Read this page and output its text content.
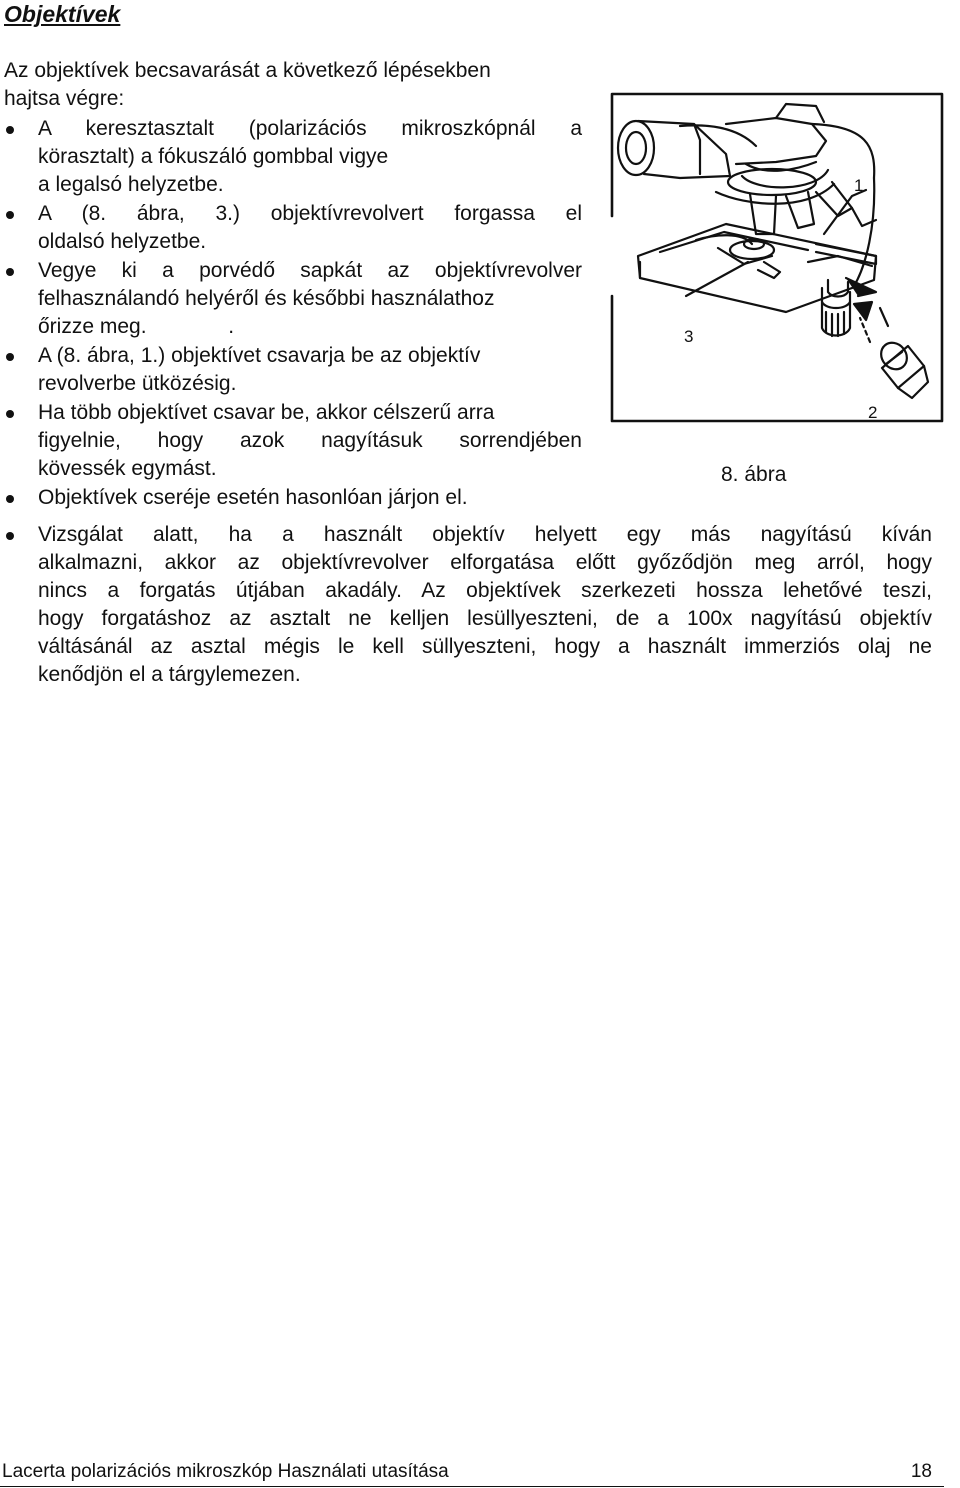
Objektívek
Az objektívek becsavarását a következő lépésekben
hajtsa végre:
A keresztasztalt (polarizációs mikroszkópnál a
körasztalt) a fókuszáló gombbal vigye
a legalsó helyzetbe.
A (8. ábra, 3.) objektívrevolvert forgassa el
oldalsó helyzetbe.
Vegye ki a porvédő sapkát az objektívrevolver
felhasználandó helyéről és későbbi használathoz
őrizze meg.              .
A (8. ábra, 1.) objektívet csavarja be az objektív
revolverbe ütközésig.
Ha több objektívet csavar be, akkor célszerű arra
figyelnie, hogy azok nagyításuk sorrendjében
kövessék egymást.
Objektívek cseréje esetén hasonlóan járjon el.
Vizsgálat alatt, ha a használt objektív helyett egy más nagyítású kíván
alkalmazni, akkor az objektívrevolver elforgatása előtt győződjön meg arról, hogy
nincs a forgatás útjában akadály. Az objektívek szerkezeti hossza lehetővé teszi,
hogy forgatáshoz az asztalt ne kelljen lesüllyeszteni, de a 100x nagyítású objektív
váltásánál az asztal mégis le kell süllyeszteni, hogy a használt immerziós olaj ne
kenődjön el a tárgylemezen.
1
2
3
8. ábra
Lacerta polarizációs mikroszkóp Használati utasítása	18
